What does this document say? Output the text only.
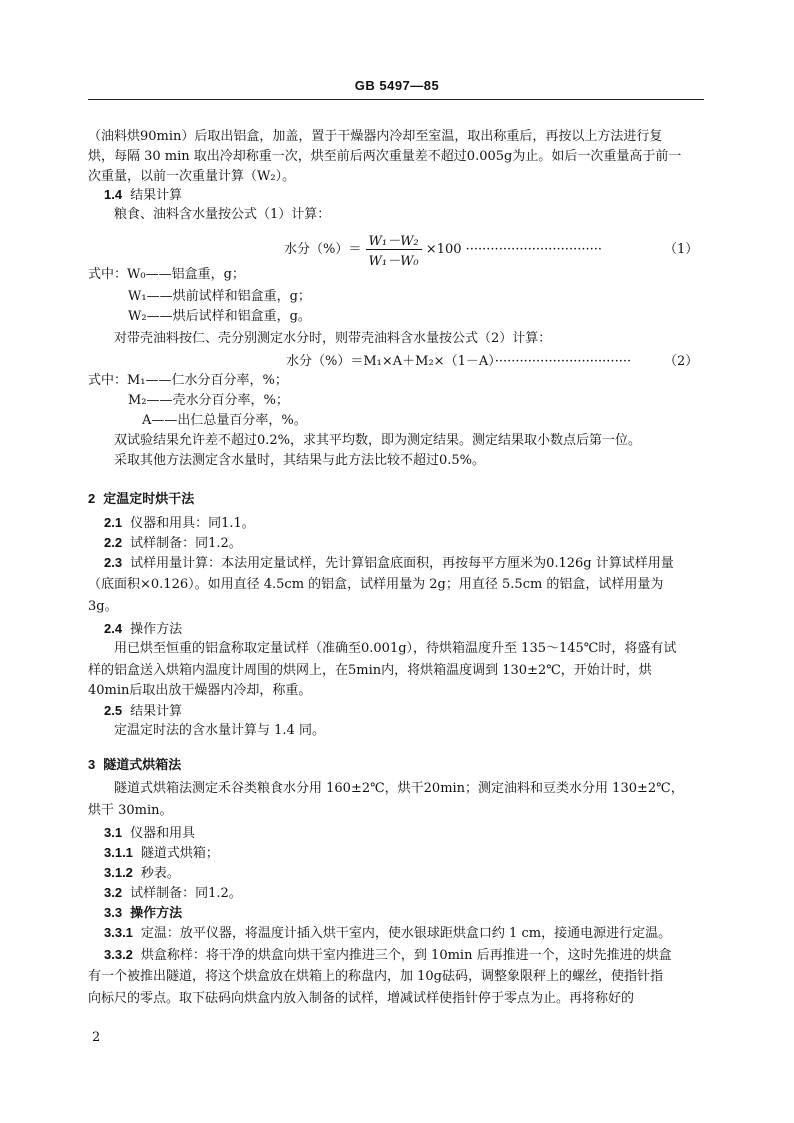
GB 5497—85
（油料烘90min）后取出铝盒，加盖，置于干燥器内冷却至室温，取出称重后，再按以上方法进行复
烘，每隔 30 min 取出冷却称重一次，烘至前后两次重量差不超过0.005g为止。如后一次重量高于前一
次重量，以前一次重量计算（W₂）。
1.4 结果计算
粮食、油料含水量按公式（1）计算：
水分（%）＝ $\frac{\text{W₁－W₂}}{\text{W₁－W₀}} \times 100$ ·································	（1）
式中：W₀——铝盒重，g；
W₁——烘前试样和铝盒重，g；
W₂——烘后试样和铝盒重，g。
对带壳油料按仁、壳分别测定水分时，则带壳油料含水量按公式（2）计算：
水分（%）＝M₁×A＋M₂×（1－A）·································	（2）
式中：M₁——仁水分百分率，%；
M₂——壳水分百分率，%；
A——出仁总量百分率，%。
双试验结果允许差不超过0.2%，求其平均数，即为测定结果。测定结果取小数点后第一位。
采取其他方法测定含水量时，其结果与此方法比较不超过0.5%。
2 定温定时烘干法
2.1 仪器和用具：同1.1。
2.2 试样制备：同1.2。
2.3 试样用量计算：本法用定量试样，先计算铝盒底面积，再按每平方厘米为0.126g 计算试样用量
（底面积×0.126）。如用直径 4.5cm 的铝盒，试样用量为 2g；用直径 5.5cm 的铝盒，试样用量为
3g。
2.4 操作方法
用已烘至恒重的铝盒称取定量试样（准确至0.001g），待烘箱温度升至 135～145℃时，将盛有试
样的铝盒送入烘箱内温度计周围的烘网上，在5min内，将烘箱温度调到 130±2℃，开始计时，烘
40min后取出放干燥器内冷却，称重。
2.5 结果计算
定温定时法的含水量计算与 1.4 同。
3 隧道式烘箱法
隧道式烘箱法测定禾谷类粮食水分用 160±2℃，烘干20min；测定油料和豆类水分用 130±2℃，
烘干 30min。
3.1 仪器和用具
3.1.1 隧道式烘箱；
3.1.2 秒表。
3.2 试样制备：同1.2。
3.3 操作方法
3.3.1 定温：放平仪器，将温度计插入烘干室内，使水银球距烘盒口约 1 cm，接通电源进行定温。
3.3.2 烘盒称样：将干净的烘盒向烘干室内推进三个，到 10min 后再推进一个，这时先推进的烘盒
有一个被推出隧道，将这个烘盒放在烘箱上的称盘内，加 10g砝码，调整象限秤上的螺丝，使指针指
向标尺的零点。取下砝码向烘盒内放入制备的试样，增减试样使指针停于零点为止。再将称好的
2
